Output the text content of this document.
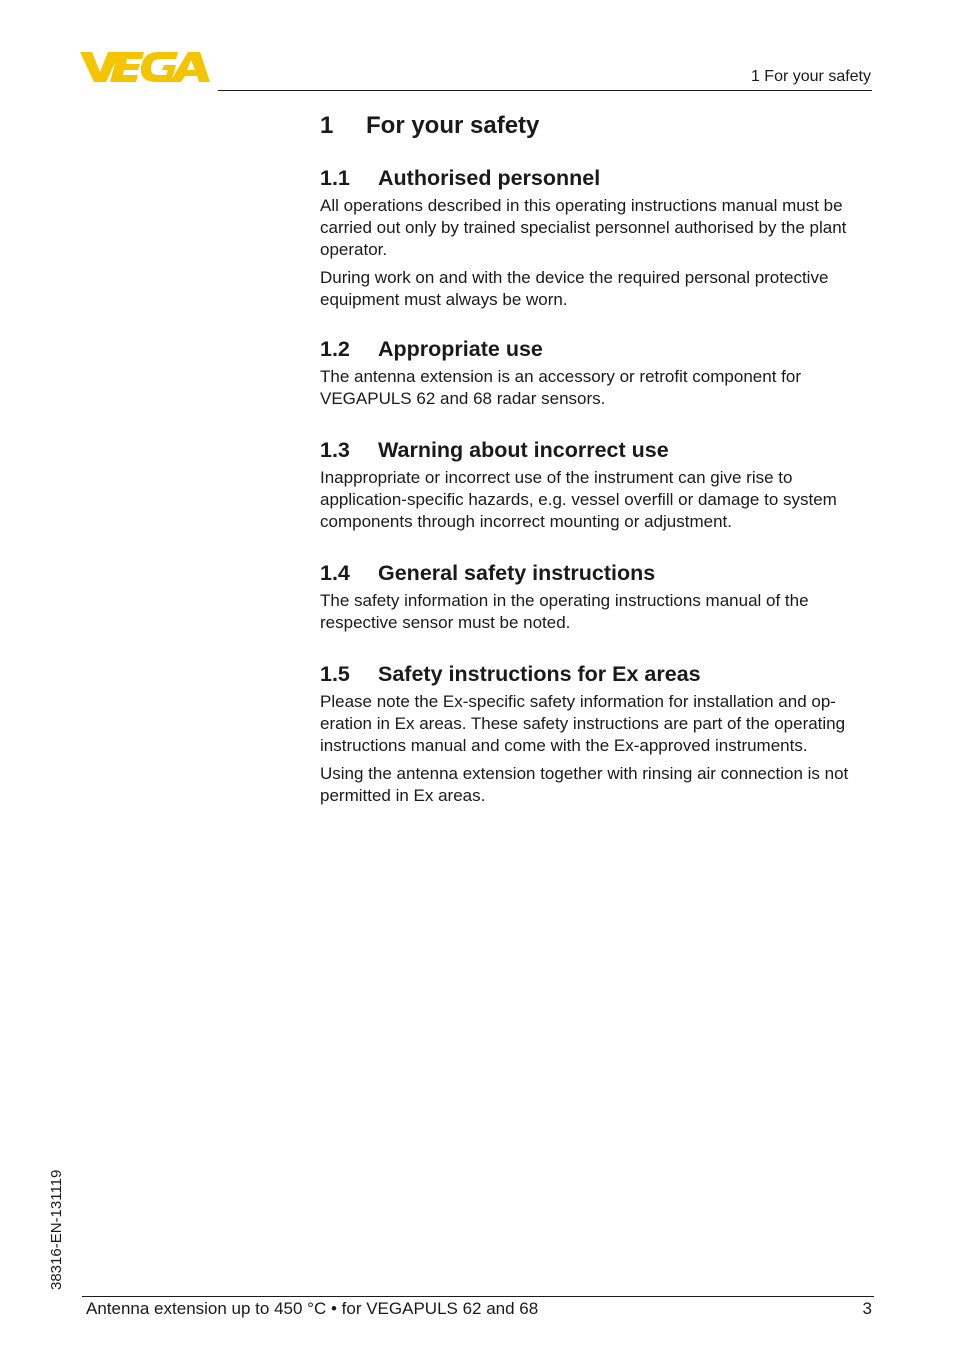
1 For your safety
1	For your safety
1.1	Authorised personnel

All operations described in this operating instructions manual must be carried out only by trained specialist personnel authorised by the plant operator.

During work on and with the device the required personal protective equipment must always be worn.

1.2	Appropriate use

The antenna extension is an accessory or retrofit component for VEGAPULS 62 and 68 radar sensors.

1.3	Warning about incorrect use

Inappropriate or incorrect use of the instrument can give rise to application-specific hazards, e.g. vessel overfill or damage to system components through incorrect mounting or adjustment.

1.4	General safety instructions

The safety information in the operating instructions manual of the respective sensor must be noted.

1.5	Safety instructions for Ex areas

Please note the Ex-specific safety information for installation and op-eration in Ex areas. These safety instructions are part of the operating instructions manual and come with the Ex-approved instruments.

Using the antenna extension together with rinsing air connection is not permitted in Ex areas.

38316-EN-131119
Antenna extension up to 450 °C • for VEGAPULS 62 and 68	3
